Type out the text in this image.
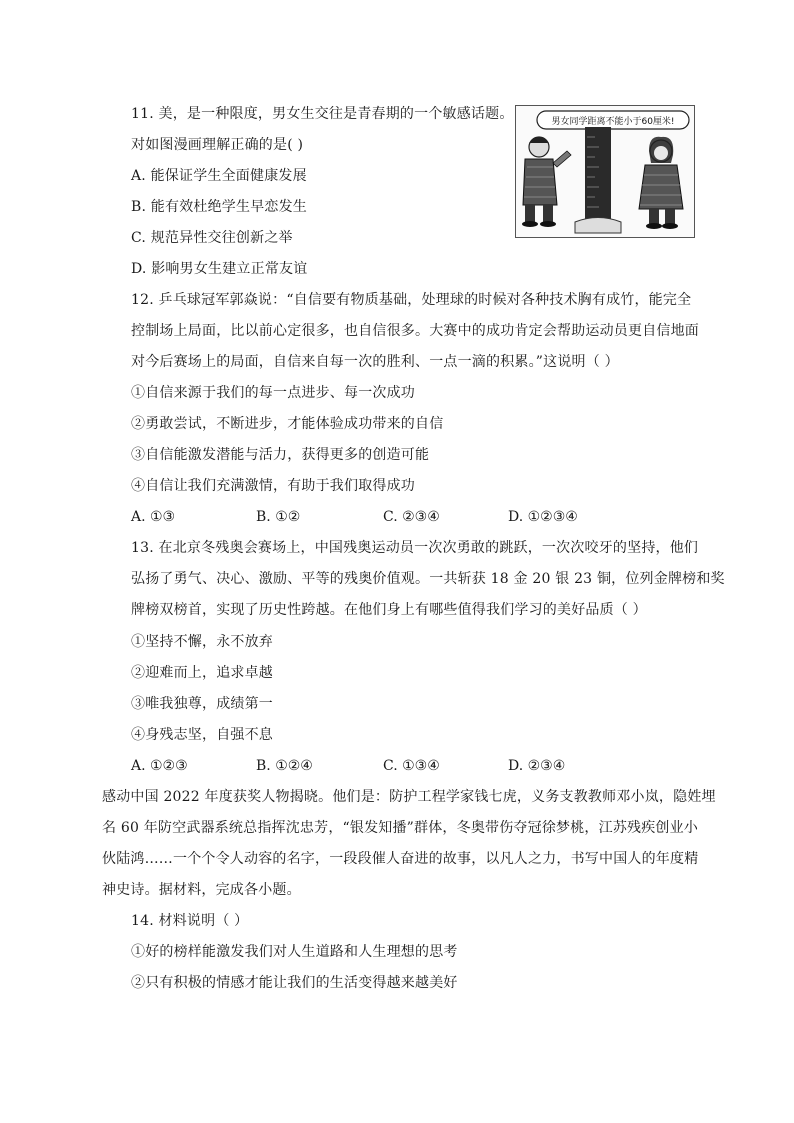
11. 美，是一种限度，男女生交往是青春期的一个敏感话题。
对如图漫画理解正确的是( )
A. 能保证学生全面健康发展
B. 能有效杜绝学生早恋发生
C. 规范异性交往创新之举
D. 影响男女生建立正常友谊
男女同学距离不能小于60厘米!
12. 乒乓球冠军郭焱说：“自信要有物质基础，处理球的时候对各种技术胸有成竹，能完全
控制场上局面，比以前心定很多，也自信很多。大赛中的成功肯定会帮助运动员更自信地面
对今后赛场上的局面，自信来自每一次的胜利、一点一滴的积累。”这说明（ ）
①自信来源于我们的每一点进步、每一次成功
②勇敢尝试，不断进步，才能体验成功带来的自信
③自信能激发潜能与活力，获得更多的创造可能
④自信让我们充满激情，有助于我们取得成功
A. ①③	B. ①②	C. ②③④	D. ①②③④
13. 在北京冬残奥会赛场上，中国残奥运动员一次次勇敢的跳跃，一次次咬牙的坚持，他们
弘扬了勇气、决心、激励、平等的残奥价值观。一共斩获 18 金 20 银 23 铜，位列金牌榜和奖
牌榜双榜首，实现了历史性跨越。在他们身上有哪些值得我们学习的美好品质（ ）
①坚持不懈，永不放弃
②迎难而上，追求卓越
③唯我独尊，成绩第一
④身残志坚，自强不息
A. ①②③	B. ①②④	C. ①③④	D. ②③④
感动中国 2022 年度获奖人物揭晓。他们是：防护工程学家钱七虎，义务支教教师邓小岚，隐姓埋
名 60 年防空武器系统总指挥沈忠芳，“银发知播”群体，冬奥带伤夺冠徐梦桃，江苏残疾创业小
伙陆鸿……一个个令人动容的名字，一段段催人奋进的故事，以凡人之力，书写中国人的年度精
神史诗。据材料，完成各小题。
14. 材料说明（ ）
①好的榜样能激发我们对人生道路和人生理想的思考
②只有积极的情感才能让我们的生活变得越来越美好
